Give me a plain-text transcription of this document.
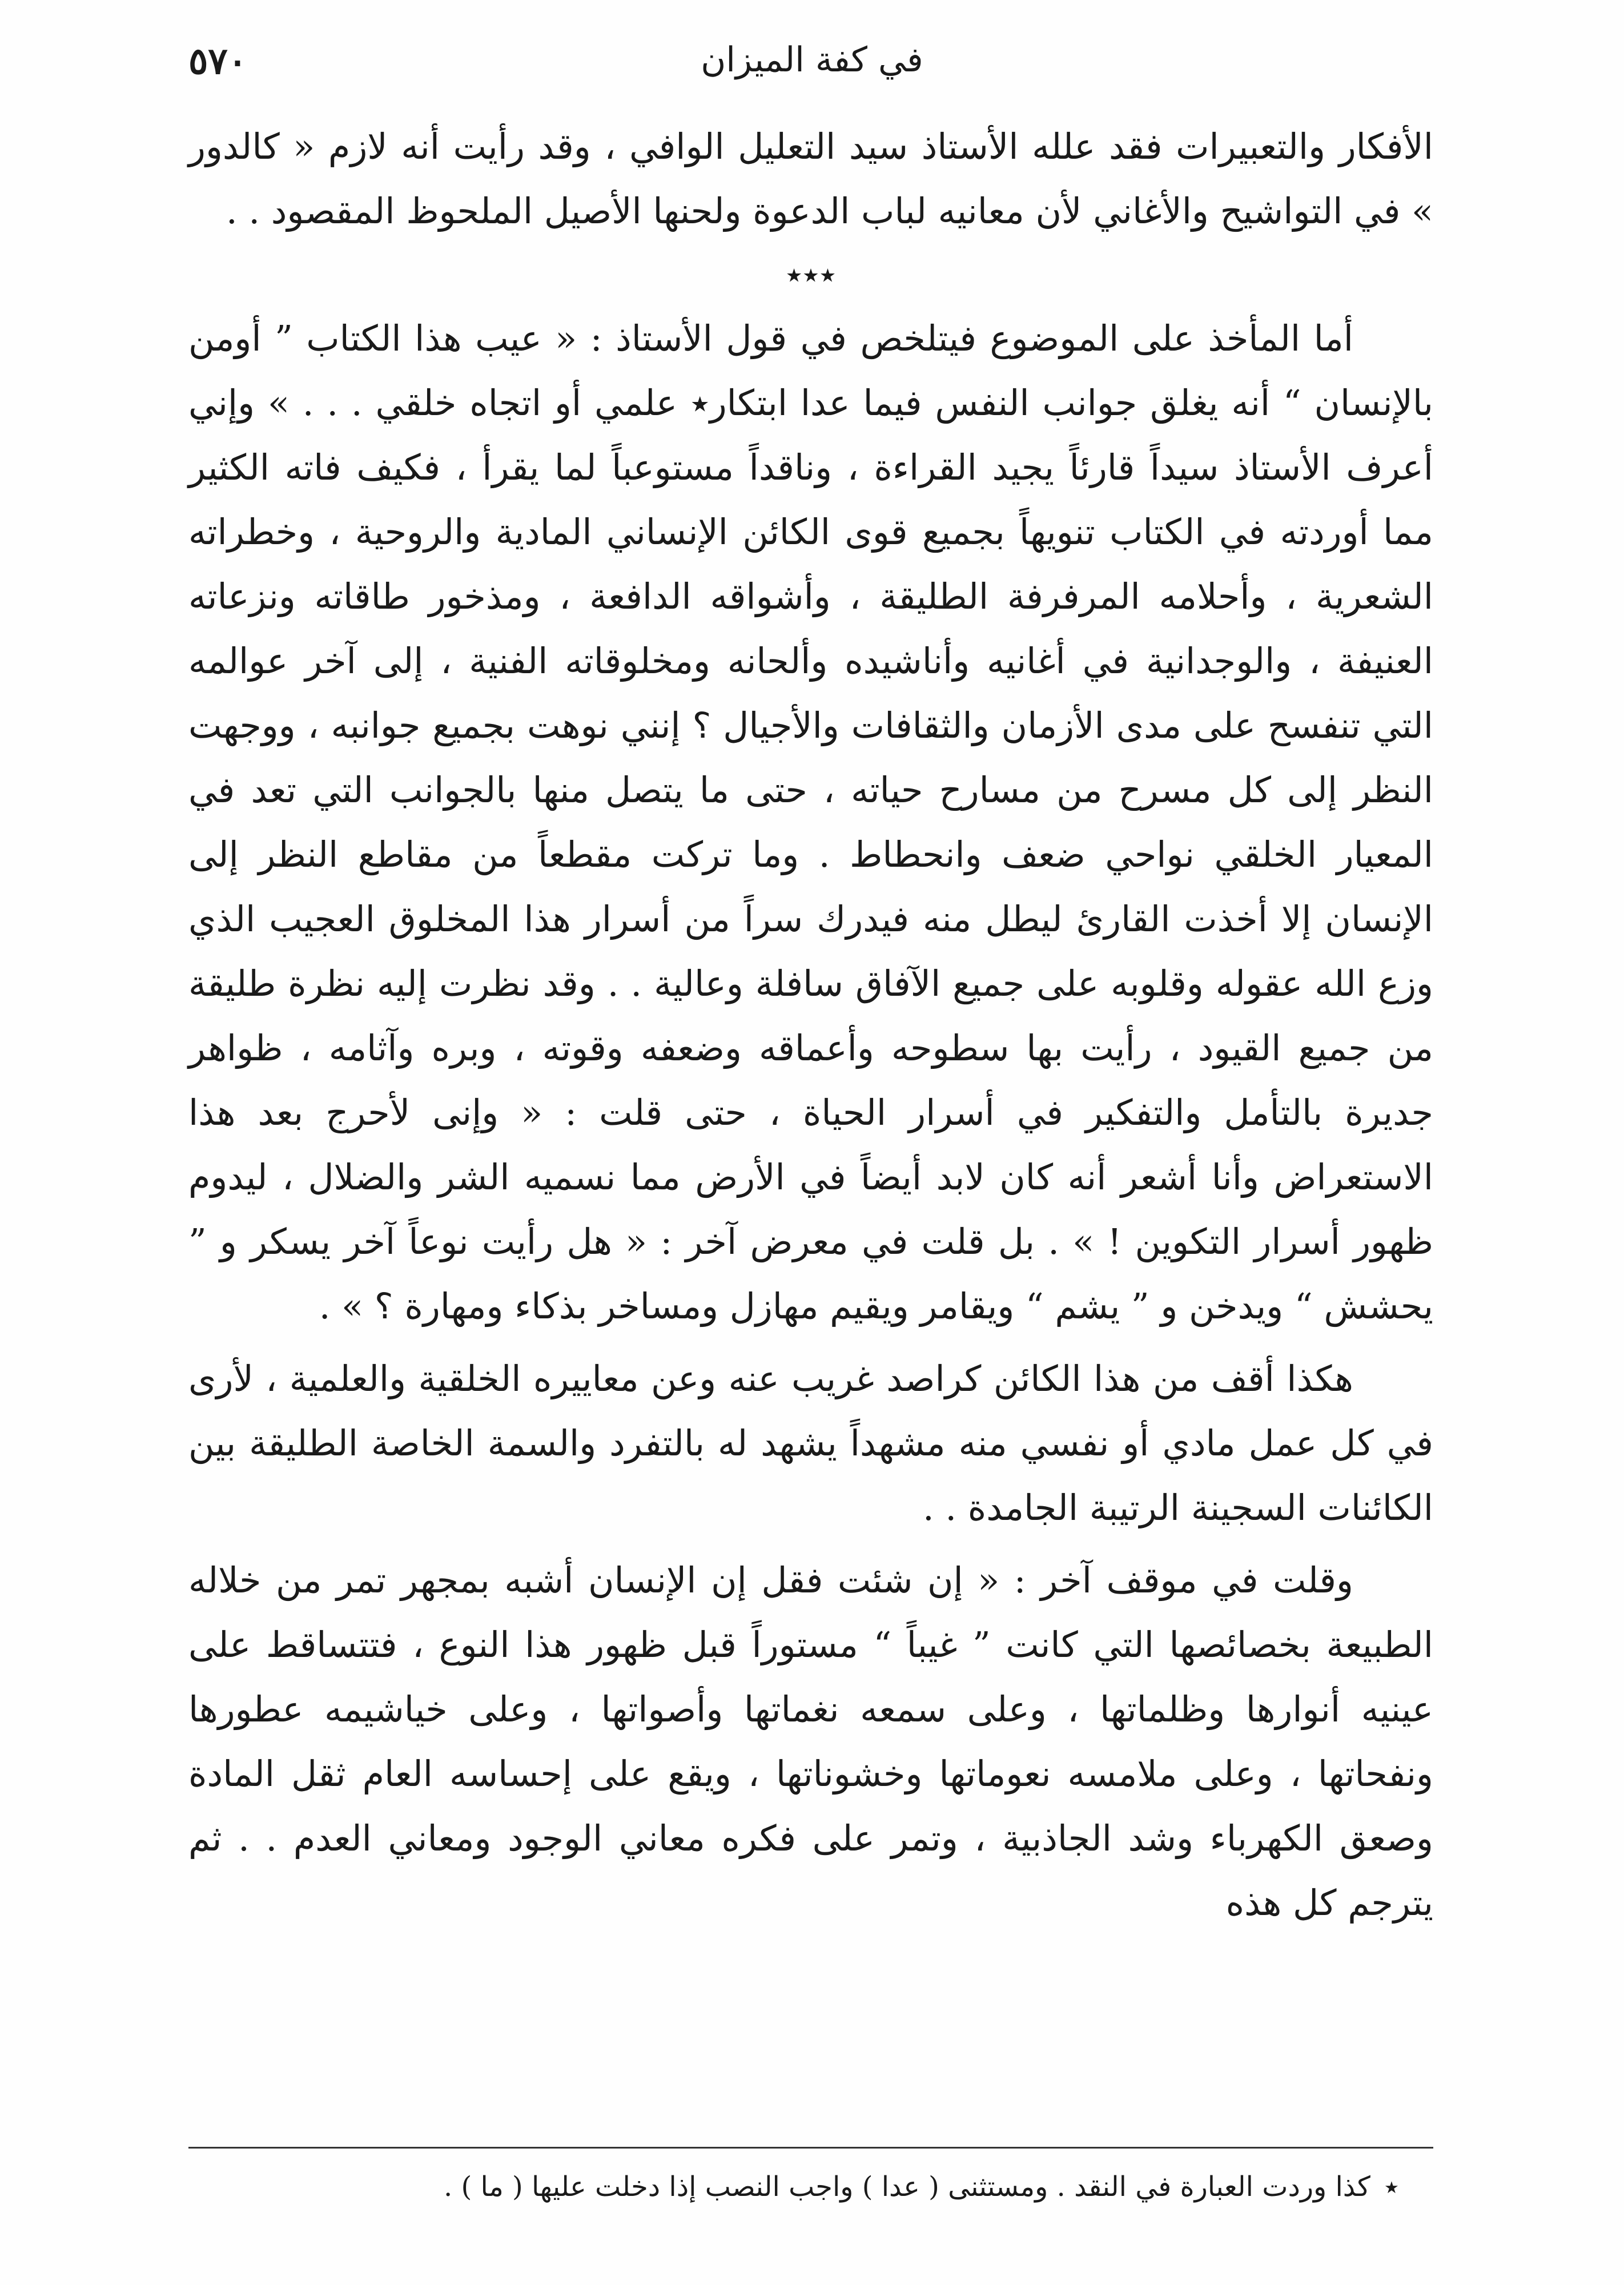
٥٧٠	في كفة الميزان

الأفكار والتعبيرات فقد علله الأستاذ سيد التعليل الوافي ، وقد رأيت أنه لازم « كالدور » في التواشيح والأغاني لأن معانيه لباب الدعوة ولحنها الأصيل الملحوظ المقصود . .

٭٭٭

أما المأخذ على الموضوع فيتلخص في قول الأستاذ : « عيب هذا الكتاب ” أومن بالإنسان “ أنه يغلق جوانب النفس فيما عدا ابتكار٭ علمي أو اتجاه خلقي . . . » وإني أعرف الأستاذ سيداً قارئاً يجيد القراءة ، وناقداً مستوعباً لما يقرأ ، فكيف فاته الكثير مما أوردته في الكتاب تنويهاً بجميع قوى الكائن الإنساني المادية والروحية ، وخطراته الشعرية ، وأحلامه المرفرفة الطليقة ، وأشواقه الدافعة ، ومذخور طاقاته ونزعاته العنيفة ، والوجدانية في أغانيه وأناشيده وألحانه ومخلوقاته الفنية ، إلى آخر عوالمه التي تنفسح على مدى الأزمان والثقافات والأجيال ؟ إنني نوهت بجميع جوانبه ، ووجهت النظر إلى كل مسرح من مسارح حياته ، حتى ما يتصل منها بالجوانب التي تعد في المعيار الخلقي نواحي ضعف وانحطاط . وما تركت مقطعاً من مقاطع النظر إلى الإنسان إلا أخذت القارئ ليطل منه فيدرك سراً من أسرار هذا المخلوق العجيب الذي وزع الله عقوله وقلوبه على جميع الآفاق سافلة وعالية . . وقد نظرت إليه نظرة طليقة من جميع القيود ، رأيت بها سطوحه وأعماقه وضعفه وقوته ، وبره وآثامه ، ظواهر جديرة بالتأمل والتفكير في أسرار الحياة ، حتى قلت : « وإنى لأحرج بعد هذا الاستعراض وأنا أشعر أنه كان لابد أيضاً في الأرض مما نسميه الشر والضلال ، ليدوم ظهور أسرار التكوين ! » . بل قلت في معرض آخر : « هل رأيت نوعاً آخر يسكر و ” يحشش “ ويدخن و ” يشم “ ويقامر ويقيم مهازل ومساخر بذكاء ومهارة ؟ » .

هكذا أقف من هذا الكائن كراصد غريب عنه وعن معاييره الخلقية والعلمية ، لأرى في كل عمل مادي أو نفسي منه مشهداً يشهد له بالتفرد والسمة الخاصة الطليقة بين الكائنات السجينة الرتيبة الجامدة . .

وقلت في موقف آخر : « إن شئت فقل إن الإنسان أشبه بمجهر تمر من خلاله الطبيعة بخصائصها التي كانت ” غيباً “ مستوراً قبل ظهور هذا النوع ، فتتساقط على عينيه أنوارها وظلماتها ، وعلى سمعه نغماتها وأصواتها ، وعلى خياشيمه عطورها ونفحاتها ، وعلى ملامسه نعوماتها وخشوناتها ، ويقع على إحساسه العام ثقل المادة وصعق الكهرباء وشد الجاذبية ، وتمر على فكره معاني الوجود ومعاني العدم . . ثم يترجم كل هذه

٭كذا وردت العبارة في النقد . ومستثنى ( عدا ) واجب النصب إذا دخلت عليها ( ما ) .
